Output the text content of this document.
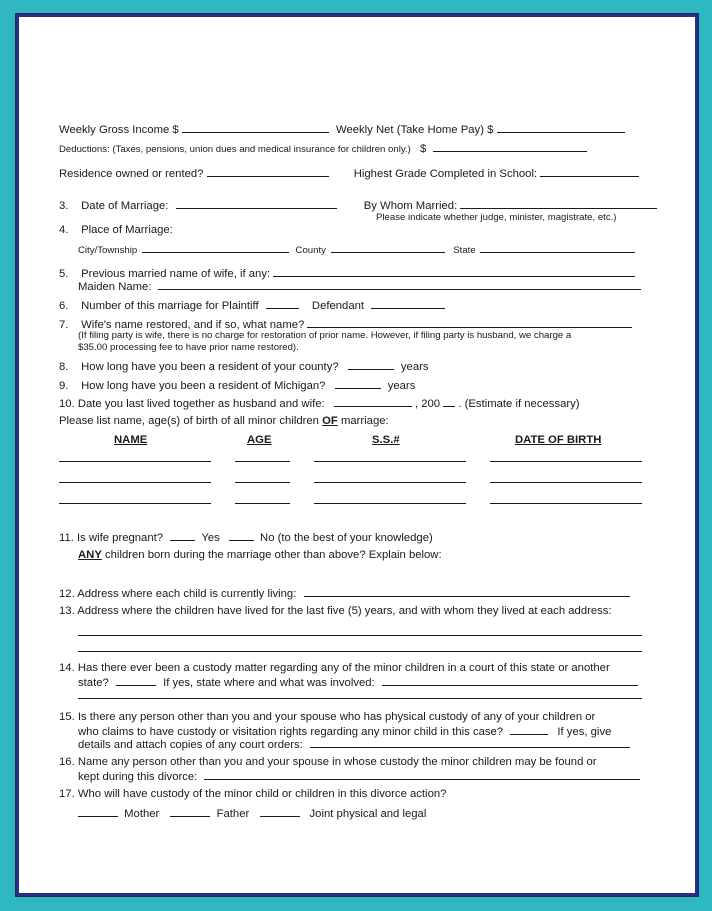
Weekly Gross Income $	Weekly Net (Take Home Pay) $
Deductions: (Taxes, pensions, union dues and medical insurance for children only.) $
Residence owned or rented?	Highest Grade Completed in School:
3. Date of Marriage:	By Whom Married:
Please indicate whether judge, minister, magistrate, etc.)
4. Place of Marriage:
City/Township	County	State
5. Previous married name of wife, if any:
Maiden Name:
6. Number of this marriage for Plaintiff	Defendant
7. Wife's name restored, and if so, what name?
(If filing party is wife, there is no charge for restoration of prior name. However, if filing party is husband, we charge a
$35.00 processing fee to have prior name restored).
8. How long have you been a resident of your county?	years
9. How long have you been a resident of Michigan?	years
10. Date you last lived together as husband and wife:	, 200 . (Estimate if necessary)
Please list name, age(s) of birth of all minor children OF marriage:
NAME	AGE	S.S.#	DATE OF BIRTH
11. Is wife pregnant?	Yes	No (to the best of your knowledge)
ANY children born during the marriage other than above? Explain below:
12. Address where each child is currently living:
13. Address where the children have lived for the last five (5) years, and with whom they lived at each address:
14. Has there ever been a custody matter regarding any of the minor children in a court of this state or another
state?	If yes, state where and what was involved:
15. Is there any person other than you and your spouse who has physical custody of any of your children or
who claims to have custody or visitation rights regarding any minor child in this case?	If yes, give
details and attach copies of any court orders:
16. Name any person other than you and your spouse in whose custody the minor children may be found or
kept during this divorce:
17. Who will have custody of the minor child or children in this divorce action?
Mother	Father	Joint physical and legal
